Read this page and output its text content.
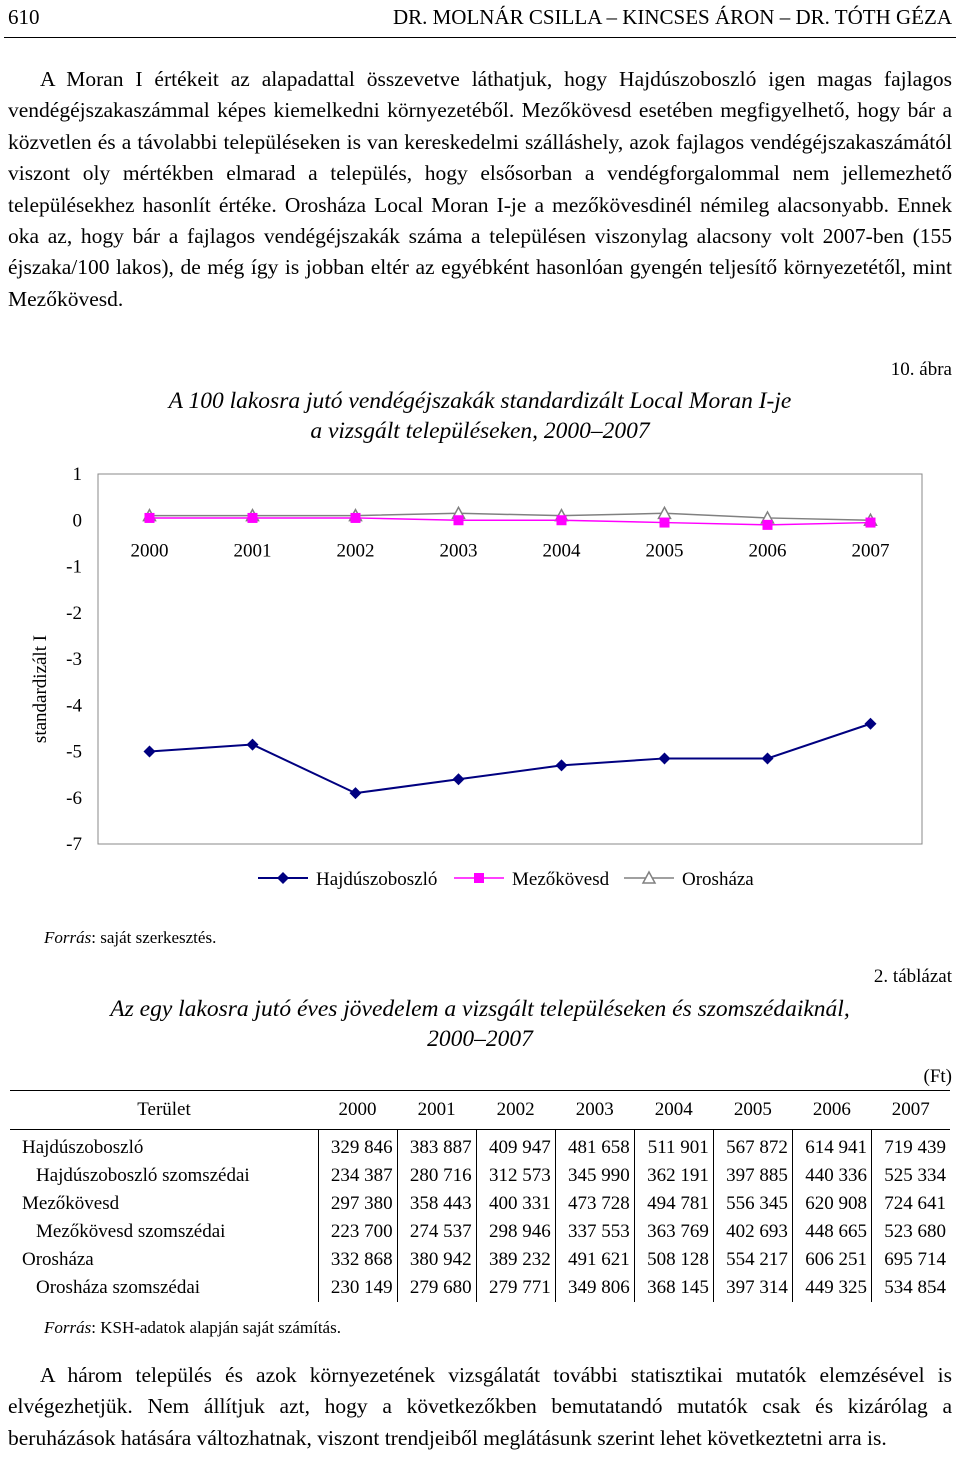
610	DR. MOLNÁR CSILLA – KINCSES ÁRON – DR. TÓTH GÉZA

A Moran I értékeit az alapadattal összevetve láthatjuk, hogy Hajdúszoboszló igen magas fajlagos vendégéjszakaszámmal képes kiemelkedni környezetéből. Mezőkövesd esetében megfigyelhető, hogy bár a közvetlen és a távolabbi településeken is van kereskedelmi szálláshely, azok fajlagos vendégéjszakaszámától viszont oly mértékben elmarad a település, hogy elsősorban a vendégforgalommal nem jellemezhető településekhez hasonlít értéke. Orosháza Local Moran I-je a mezőkövesdinél némileg alacsonyabb. Ennek oka az, hogy bár a fajlagos vendégéjszakák száma a településen viszonylag alacsony volt 2007-ben (155 éjszaka/100 lakos), de még így is jobban eltér az egyébként hasonlóan gyengén teljesítő környezetétől, mint Mezőkövesd.

10. ábra
A 100 lakosra jutó vendégéjszakák standardizált Local Moran I-je
a vizsgált településeken, 2000–2007
1
0
-1
-2
-3
-4
-5
-6
-7
standardizált I
2000	2001	2002	2003	2004	2005	2006	2007
Hajdúszoboszló	Mezőkövesd	Orosháza
Forrás: saját szerkesztés.
2. táblázat
Az egy lakosra jutó éves jövedelem a vizsgált településeken és szomszédaiknál,
2000–2007
(Ft)
Terület	2000	2001	2002	2003	2004	2005	2006	2007
Hajdúszoboszló	329 846	383 887	409 947	481 658	511 901	567 872	614 941	719 439
Hajdúszoboszló szomszédai	234 387	280 716	312 573	345 990	362 191	397 885	440 336	525 334
Mezőkövesd	297 380	358 443	400 331	473 728	494 781	556 345	620 908	724 641
Mezőkövesd szomszédai	223 700	274 537	298 946	337 553	363 769	402 693	448 665	523 680
Orosháza	332 868	380 942	389 232	491 621	508 128	554 217	606 251	695 714
Orosháza szomszédai	230 149	279 680	279 771	349 806	368 145	397 314	449 325	534 854
Forrás: KSH-adatok alapján saját számítás.

A három település és azok környezetének vizsgálatát további statisztikai mutatók elemzésével is elvégezhetjük. Nem állítjuk azt, hogy a következőkben bemutatandó mutatók csak és kizárólag a beruházások hatására változhatnak, viszont trendjeiből meglátásunk szerint lehet következtetni arra is.
